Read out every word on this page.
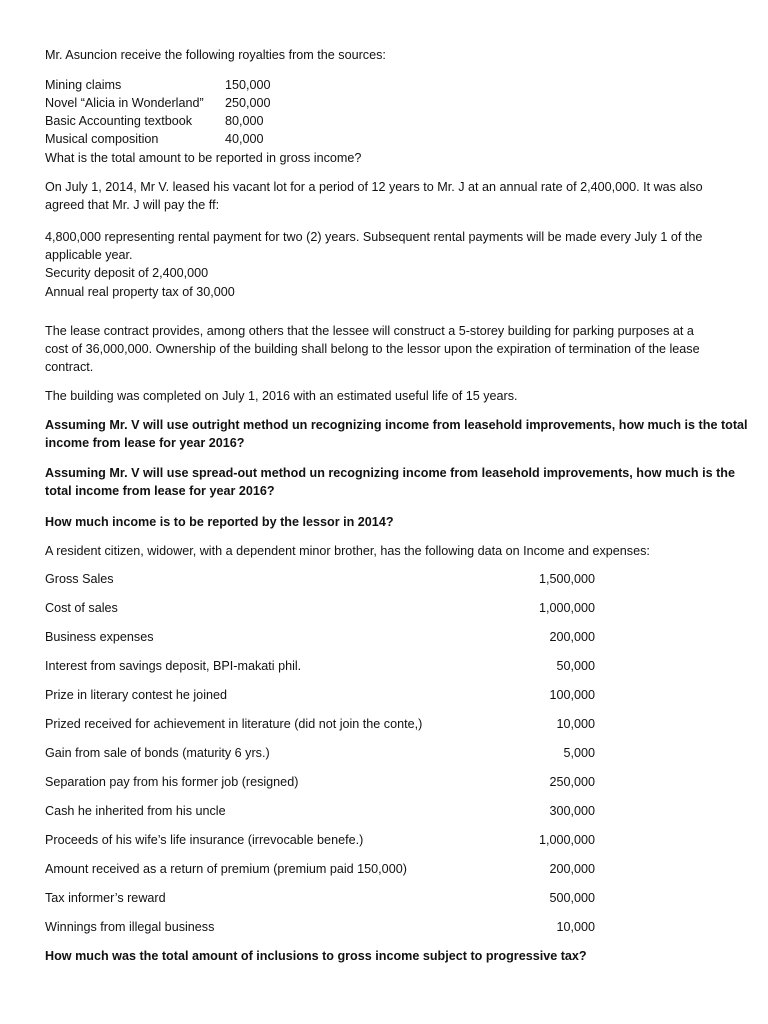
Mr. Asuncion receive the following royalties from the sources:
Mining claims	150,000
Novel “Alicia in Wonderland” 250,000
Basic Accounting textbook	80,000
Musical composition	40,000
What is the total amount to be reported in gross income?
On July 1, 2014, Mr V. leased his vacant lot for a period of 12 years to Mr. J at an annual rate of 2,400,000. It was also
agreed that Mr. J will pay the ff:
4,800,000 representing rental payment for two (2) years. Subsequent rental payments will be made every July 1 of the
applicable year.
Security deposit of 2,400,000
Annual real property tax of 30,000
The lease contract provides, among others that the lessee will construct a 5-storey building for parking purposes at a
cost of 36,000,000. Ownership of the building shall belong to the lessor upon the expiration of termination of the lease
contract.
The building was completed on July 1, 2016 with an estimated useful life of 15 years.
Assuming Mr. V will use outright method un recognizing income from leasehold improvements, how much is the total
income from lease for year 2016?
Assuming Mr. V will use spread-out method un recognizing income from leasehold improvements, how much is the
total income from lease for year 2016?
How much income is to be reported by the lessor in 2014?
A resident citizen, widower, with a dependent minor brother, has the following data on Income and expenses:
Gross Sales	1,500,000
Cost of sales	1,000,000
Business expenses	200,000
Interest from savings deposit, BPI-makati phil.	50,000
Prize in literary contest he joined	100,000
Prized received for achievement in literature (did not join the conte,)	10,000
Gain from sale of bonds (maturity 6 yrs.)	5,000
Separation pay from his former job (resigned)	250,000
Cash he inherited from his uncle	300,000
Proceeds of his wife’s life insurance (irrevocable benefe.)	1,000,000
Amount received as a return of premium (premium paid 150,000)	200,000
Tax informer’s reward	500,000
Winnings from illegal business	10,000
How much was the total amount of inclusions to gross income subject to progressive tax?
